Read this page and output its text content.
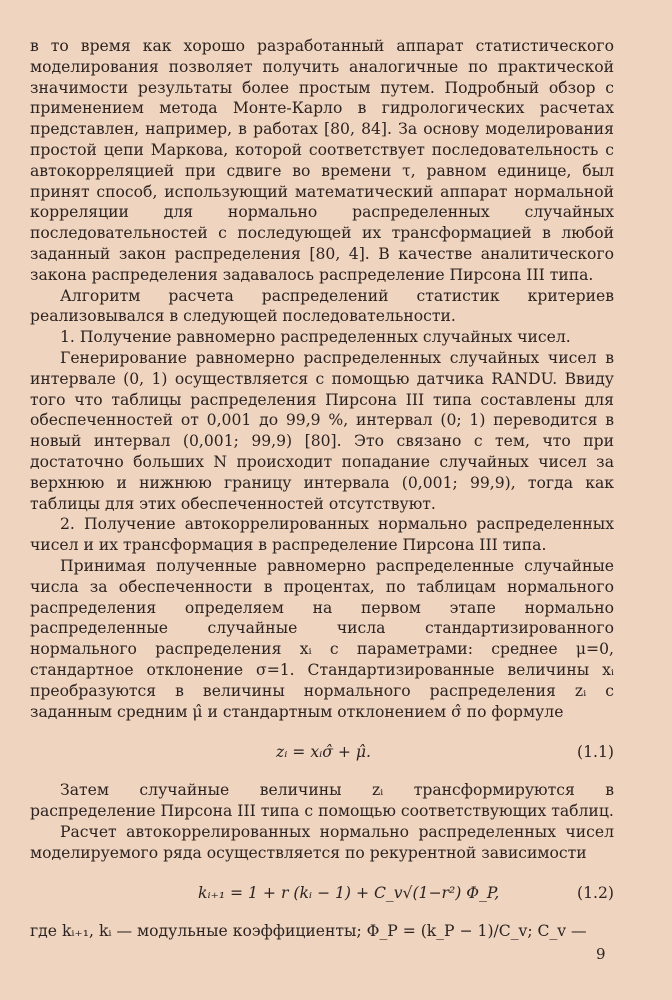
в то время как хорошо разработанный аппарат статистического моделирования позволяет получить аналогичные по практической значимости результаты более простым путем. Подробный обзор с применением метода Монте-Карло в гидрологических расчетах представлен, например, в работах [80, 84]. За основу моделирования простой цепи Маркова, которой соответствует последовательность с автокорреляцией при сдвиге во времени τ, равном единице, был принят способ, использующий математический аппарат нормальной корреляции для нормально распределенных случайных последовательностей с последующей их трансформацией в любой заданный закон распределения [80, 4]. В качестве аналитического закона распределения задавалось распределение Пирсона III типа.

Алгоритм расчета распределений статистик критериев реализовывался в следующей последовательности.

1. Получение равномерно распределенных случайных чисел.

Генерирование равномерно распределенных случайных чисел в интервале (0, 1) осуществляется с помощью датчика RANDU. Ввиду того что таблицы распределения Пирсона III типа составлены для обеспеченностей от 0,001 до 99,9 %, интервал (0; 1) переводится в новый интервал (0,001; 99,9) [80]. Это связано с тем, что при достаточно больших N происходит попадание случайных чисел за верхнюю и нижнюю границу интервала (0,001; 99,9), тогда как таблицы для этих обеспеченностей отсутствуют.

2. Получение автокоррелированных нормально распределенных чисел и их трансформация в распределение Пирсона III типа.

Принимая полученные равномерно распределенные случайные числа за обеспеченности в процентах, по таблицам нормального распределения определяем на первом этапе нормально распределенные случайные числа стандартизированного нормального распределения xᵢ с параметрами: среднее μ=0, стандартное отклонение σ=1. Стандартизированные величины xᵢ преобразуются в величины нормального распределения zᵢ с заданным средним μ̂ и стандартным отклонением σ̂ по формуле

zᵢ = xᵢσ̂ + μ̂.	(1.1)

Затем случайные величины zᵢ трансформируются в распределение Пирсона III типа с помощью соответствующих таблиц.

Расчет автокоррелированных нормально распределенных чисел моделируемого ряда осуществляется по рекурентной зависимости

kᵢ₊₁ = 1 + r (kᵢ − 1) + C_v√(1−r²) Φ_P,	(1.2)

где kᵢ₊₁, kᵢ — модульные коэффициенты; Φ_P = (k_P − 1)/C_v; C_v —

9
